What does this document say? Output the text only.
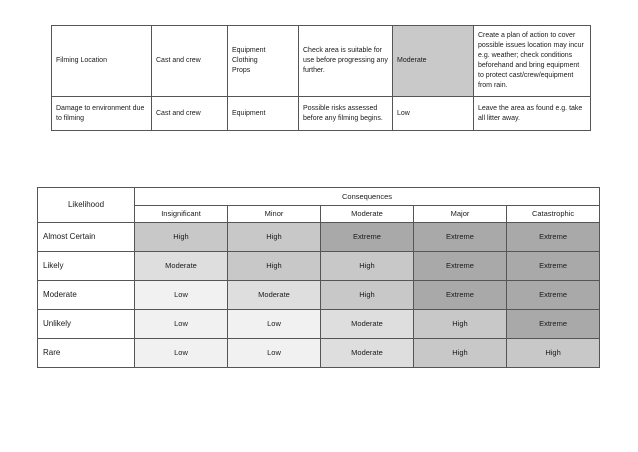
Filming Location	Cast and crew	Equipment
Clothing
Props	Check area is suitable for use before progressing any further.	Moderate	Create a plan of action to cover possible issues location may incur e.g. weather; check conditions beforehand and bring equipment to protect cast/crew/equipment from rain.
Damage to environment due to filming	Cast and crew	Equipment	Possible risks assessed before any filming begins.	Low	Leave the area as found e.g. take all litter away.
Likelihood	Consequences				
	Insignificant	Minor	Moderate	Major	Catastrophic
Almost Certain	High	High	Extreme	Extreme	Extreme
Likely	Moderate	High	High	Extreme	Extreme
Moderate	Low	Moderate	High	Extreme	Extreme
Unlikely	Low	Low	Moderate	High	Extreme
Rare	Low	Low	Moderate	High	High
